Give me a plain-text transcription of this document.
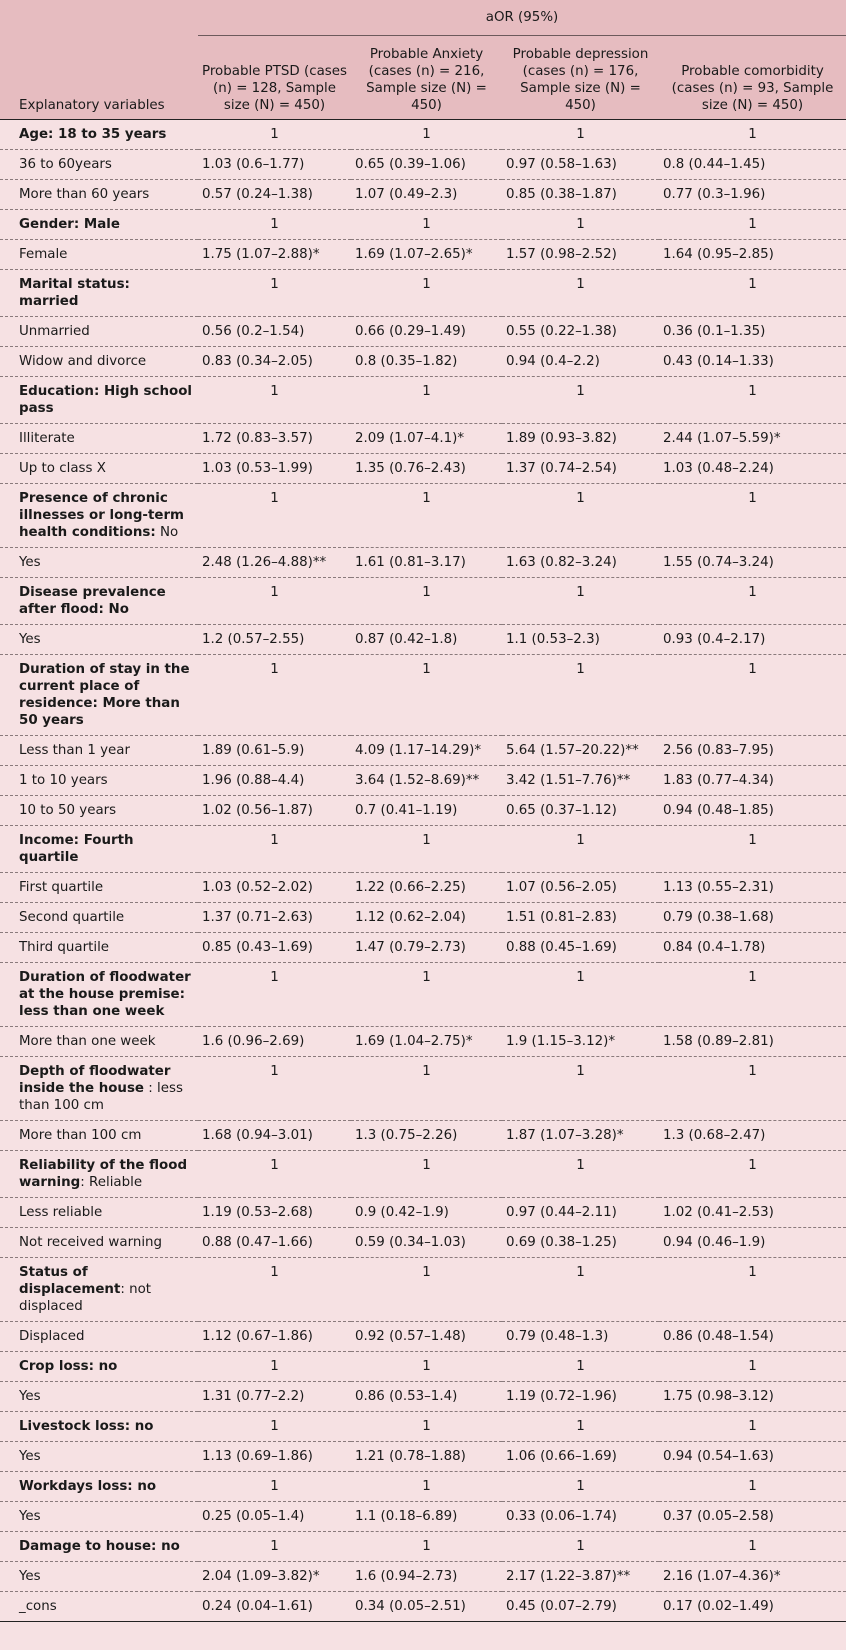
	aOR (95%)			
Explanatory variables	Probable PTSD (cases (n) = 128, Sample size (N) = 450)	Probable Anxiety (cases (n) = 216, Sample size (N) = 450)	Probable depression (cases (n) = 176, Sample size (N) = 450)	Probable comorbidity (cases (n) = 93, Sample size (N) = 450)
Age: 18 to 35 years	1	1	1	1
36 to 60years	1.03 (0.6–1.77)	0.65 (0.39–1.06)	0.97 (0.58–1.63)	0.8 (0.44–1.45)
More than 60 years	0.57 (0.24–1.38)	1.07 (0.49–2.3)	0.85 (0.38–1.87)	0.77 (0.3–1.96)
Gender: Male	1	1	1	1
Female	1.75 (1.07–2.88)*	1.69 (1.07–2.65)*	1.57 (0.98–2.52)	1.64 (0.95–2.85)
Marital status: married	1	1	1	1
Unmarried	0.56 (0.2–1.54)	0.66 (0.29–1.49)	0.55 (0.22–1.38)	0.36 (0.1–1.35)
Widow and divorce	0.83 (0.34–2.05)	0.8 (0.35–1.82)	0.94 (0.4–2.2)	0.43 (0.14–1.33)
Education: High school pass	1	1	1	1
Illiterate	1.72 (0.83–3.57)	2.09 (1.07–4.1)*	1.89 (0.93–3.82)	2.44 (1.07–5.59)*
Up to class X	1.03 (0.53–1.99)	1.35 (0.76–2.43)	1.37 (0.74–2.54)	1.03 (0.48–2.24)
Presence of chronic illnesses or long-term health conditions: No	1	1	1	1
Yes	2.48 (1.26–4.88)**	1.61 (0.81–3.17)	1.63 (0.82–3.24)	1.55 (0.74–3.24)
Disease prevalence after flood: No	1	1	1	1
Yes	1.2 (0.57–2.55)	0.87 (0.42–1.8)	1.1 (0.53–2.3)	0.93 (0.4–2.17)
Duration of stay in the current place of residence: More than 50 years	1	1	1	1
Less than 1 year	1.89 (0.61–5.9)	4.09 (1.17–14.29)*	5.64 (1.57–20.22)**	2.56 (0.83–7.95)
1 to 10 years	1.96 (0.88–4.4)	3.64 (1.52–8.69)**	3.42 (1.51–7.76)**	1.83 (0.77–4.34)
10 to 50 years	1.02 (0.56–1.87)	0.7 (0.41–1.19)	0.65 (0.37–1.12)	0.94 (0.48–1.85)
Income: Fourth quartile	1	1	1	1
First quartile	1.03 (0.52–2.02)	1.22 (0.66–2.25)	1.07 (0.56–2.05)	1.13 (0.55–2.31)
Second quartile	1.37 (0.71–2.63)	1.12 (0.62–2.04)	1.51 (0.81–2.83)	0.79 (0.38–1.68)
Third quartile	0.85 (0.43–1.69)	1.47 (0.79–2.73)	0.88 (0.45–1.69)	0.84 (0.4–1.78)
Duration of floodwater at the house premise: less than one week	1	1	1	1
More than one week	1.6 (0.96–2.69)	1.69 (1.04–2.75)*	1.9 (1.15–3.12)*	1.58 (0.89–2.81)
Depth of floodwater inside the house : less than 100 cm	1	1	1	1
More than 100 cm	1.68 (0.94–3.01)	1.3 (0.75–2.26)	1.87 (1.07–3.28)*	1.3 (0.68–2.47)
Reliability of the flood warning: Reliable	1	1	1	1
Less reliable	1.19 (0.53–2.68)	0.9 (0.42–1.9)	0.97 (0.44–2.11)	1.02 (0.41–2.53)
Not received warning	0.88 (0.47–1.66)	0.59 (0.34–1.03)	0.69 (0.38–1.25)	0.94 (0.46–1.9)
Status of displacement: not displaced	1	1	1	1
Displaced	1.12 (0.67–1.86)	0.92 (0.57–1.48)	0.79 (0.48–1.3)	0.86 (0.48–1.54)
Crop loss: no	1	1	1	1
Yes	1.31 (0.77–2.2)	0.86 (0.53–1.4)	1.19 (0.72–1.96)	1.75 (0.98–3.12)
Livestock loss: no	1	1	1	1
Yes	1.13 (0.69–1.86)	1.21 (0.78–1.88)	1.06 (0.66–1.69)	0.94 (0.54–1.63)
Workdays loss: no	1	1	1	1
Yes	0.25 (0.05–1.4)	1.1 (0.18–6.89)	0.33 (0.06–1.74)	0.37 (0.05–2.58)
Damage to house: no	1	1	1	1
Yes	2.04 (1.09–3.82)*	1.6 (0.94–2.73)	2.17 (1.22–3.87)**	2.16 (1.07–4.36)*
_cons	0.24 (0.04–1.61)	0.34 (0.05–2.51)	0.45 (0.07–2.79)	0.17 (0.02–1.49)
